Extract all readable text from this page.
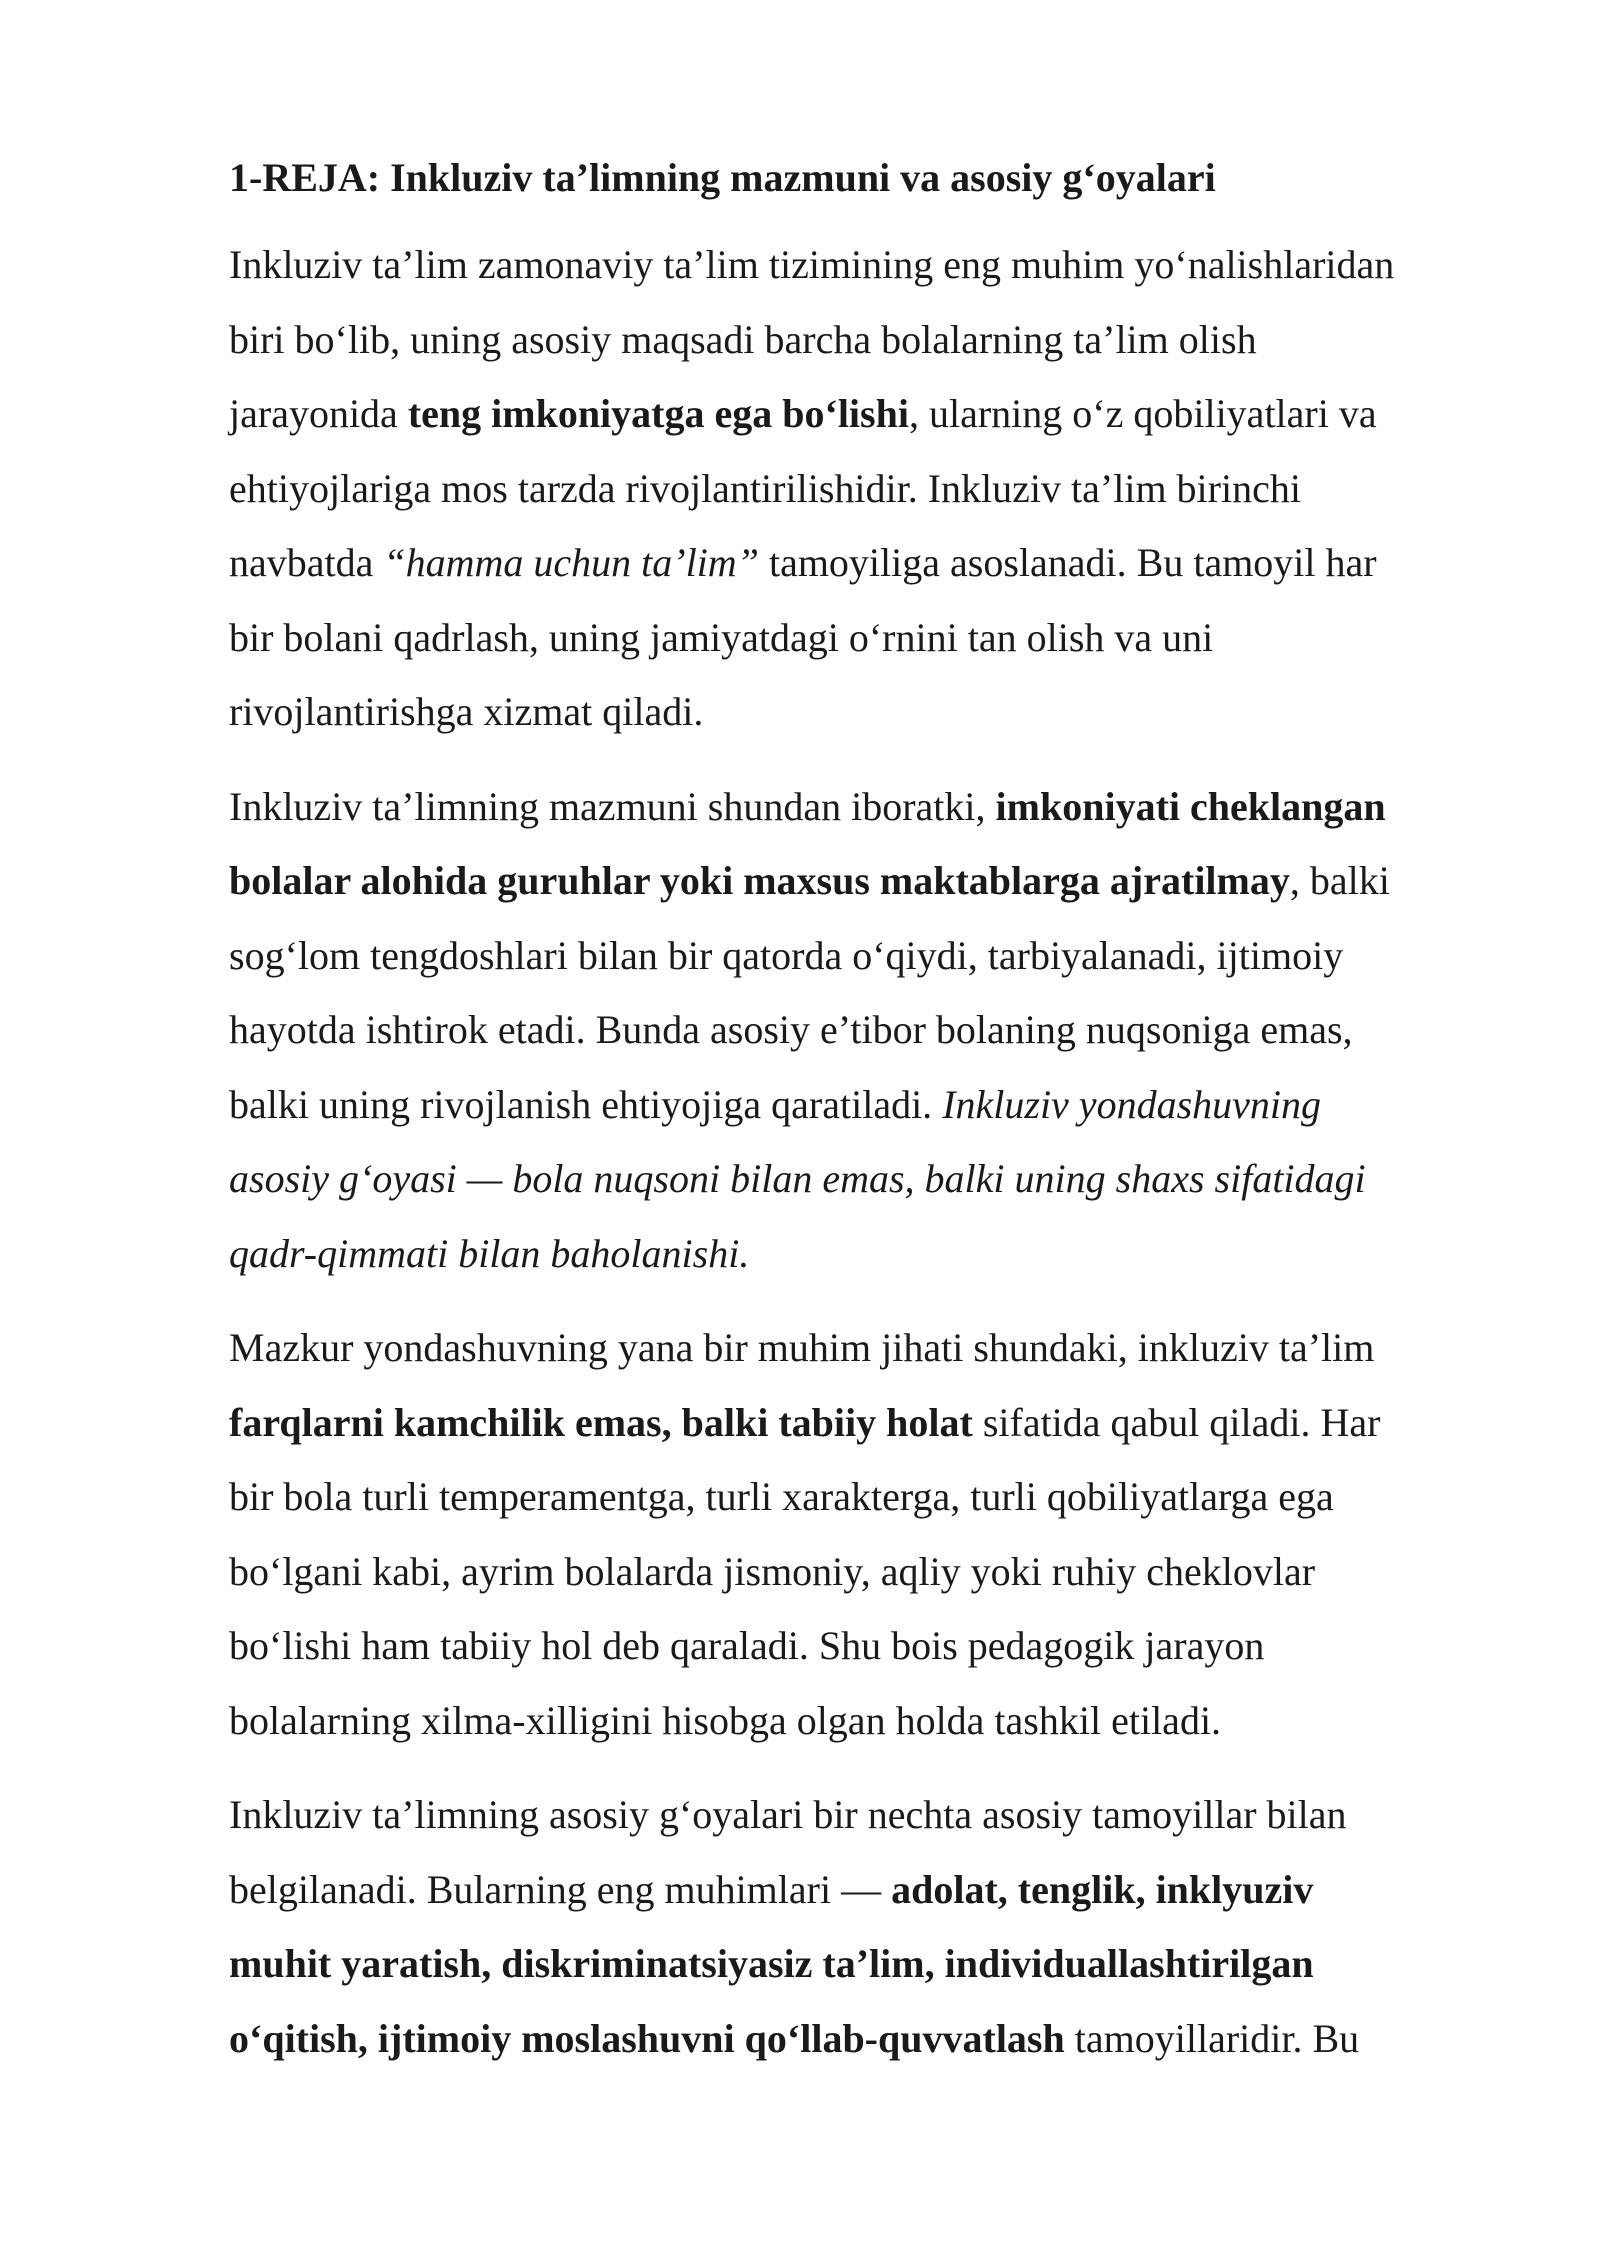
1-REJA: Inkluziv ta’limning mazmuni va asosiy g‘oyalari
Inkluziv ta’lim zamonaviy ta’lim tizimining eng muhim yo‘nalishlaridan
biri bo‘lib, uning asosiy maqsadi barcha bolalarning ta’lim olish
jarayonida teng imkoniyatga ega bo‘lishi, ularning o‘z qobiliyatlari va
ehtiyojlariga mos tarzda rivojlantirilishidir. Inkluziv ta’lim birinchi
navbatda “hamma uchun ta’lim” tamoyiliga asoslanadi. Bu tamoyil har
bir bolani qadrlash, uning jamiyatdagi o‘rnini tan olish va uni
rivojlantirishga xizmat qiladi.
Inkluziv ta’limning mazmuni shundan iboratki, imkoniyati cheklangan
bolalar alohida guruhlar yoki maxsus maktablarga ajratilmay, balki
sog‘lom tengdoshlari bilan bir qatorda o‘qiydi, tarbiyalanadi, ijtimoiy
hayotda ishtirok etadi. Bunda asosiy e’tibor bolaning nuqsoniga emas,
balki uning rivojlanish ehtiyojiga qaratiladi. Inkluziv yondashuvning
asosiy g‘oyasi — bola nuqsoni bilan emas, balki uning shaxs sifatidagi
qadr-qimmati bilan baholanishi.
Mazkur yondashuvning yana bir muhim jihati shundaki, inkluziv ta’lim
farqlarni kamchilik emas, balki tabiiy holat sifatida qabul qiladi. Har
bir bola turli temperamentga, turli xarakterga, turli qobiliyatlarga ega
bo‘lgani kabi, ayrim bolalarda jismoniy, aqliy yoki ruhiy cheklovlar
bo‘lishi ham tabiiy hol deb qaraladi. Shu bois pedagogik jarayon
bolalarning xilma-xilligini hisobga olgan holda tashkil etiladi.
Inkluziv ta’limning asosiy g‘oyalari bir nechta asosiy tamoyillar bilan
belgilanadi. Bularning eng muhimlari — adolat, tenglik, inklyuziv
muhit yaratish, diskriminatsiyasiz ta’lim, individuallashtirilgan
o‘qitish, ijtimoiy moslashuvni qo‘llab-quvvatlash tamoyillaridir. Bu
